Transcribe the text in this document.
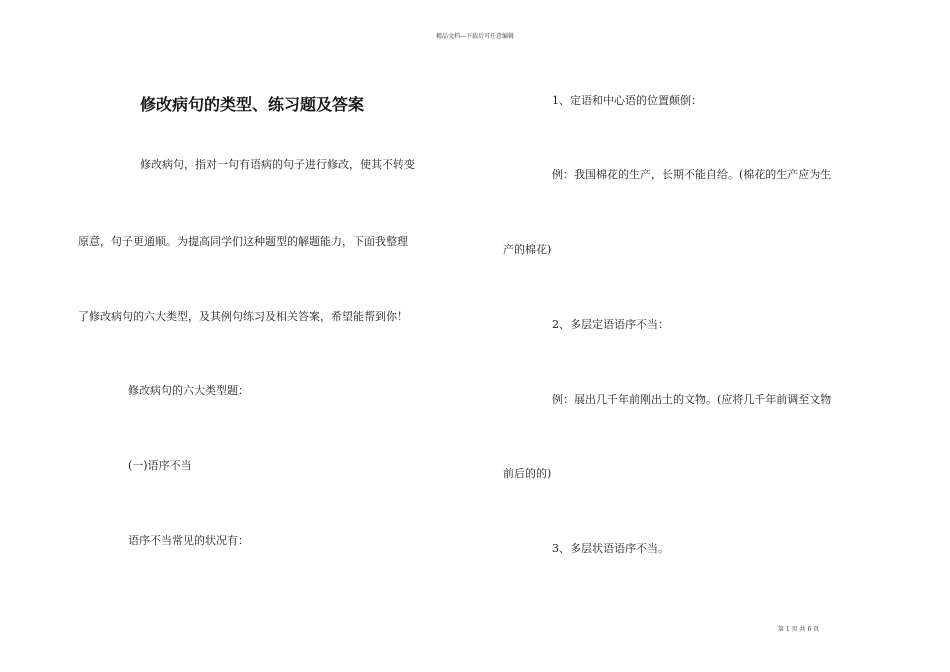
精品文档---下载后可任意编辑
修改病句的类型、练习题及答案
修改病句，指对一句有语病的句子进行修改，使其不转变
原意，句子更通顺。为提高同学们这种题型的解题能力，下面我整理
了修改病句的六大类型，及其例句练习及相关答案，希望能帮到你！
修改病句的六大类型题：
(一)语序不当
语序不当常见的状况有：
1、定语和中心语的位置颠倒：
例：我国棉花的生产，长期不能自给。(棉花的生产应为生
产的棉花)
2、多层定语语序不当：
例：展出几千年前刚出土的文物。(应将几千年前调至文物
前后的的)
3、多层状语语序不当。
第 1 页 共 6 页
